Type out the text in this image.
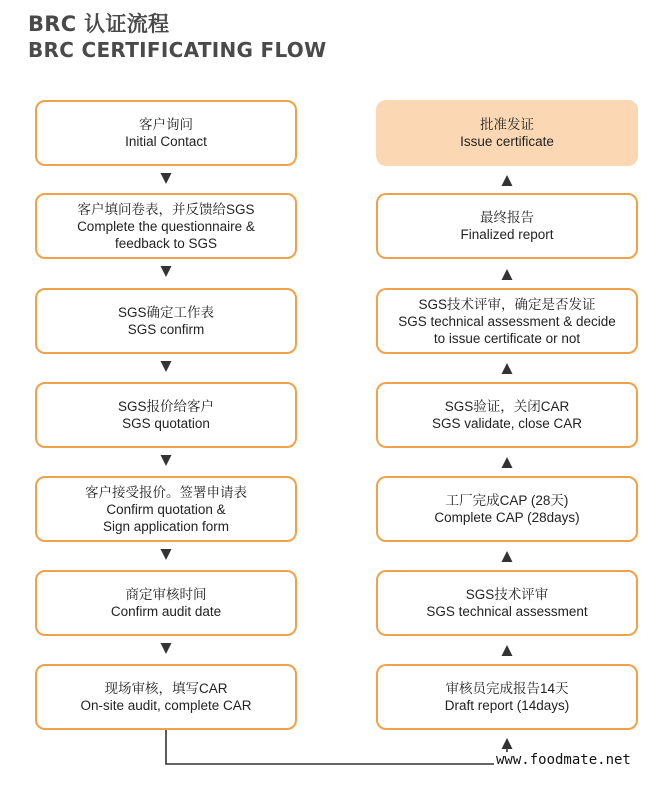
BRC 认证流程
BRC CERTIFICATING FLOW
客户询问
Initial Contact
客户填问卷表，并反馈给SGS
Complete the questionnaire &
feedback to SGS
SGS确定工作表
SGS confirm
SGS报价给客户
SGS quotation
客户接受报价。签署申请表
Confirm quotation &
Sign application form
商定审核时间
Confirm audit date
现场审核，填写CAR
On-site audit, complete CAR
批准发证
Issue certificate
最终报告
Finalized report
SGS技术评审，确定是否发证
SGS technical assessment & decide
to issue certificate or not
SGS验证，关闭CAR
SGS validate, close CAR
工厂完成CAP (28天)
Complete CAP (28days)
SGS技术评审
SGS technical assessment
审核员完成报告14天
Draft report (14days)
www.foodmate.net
